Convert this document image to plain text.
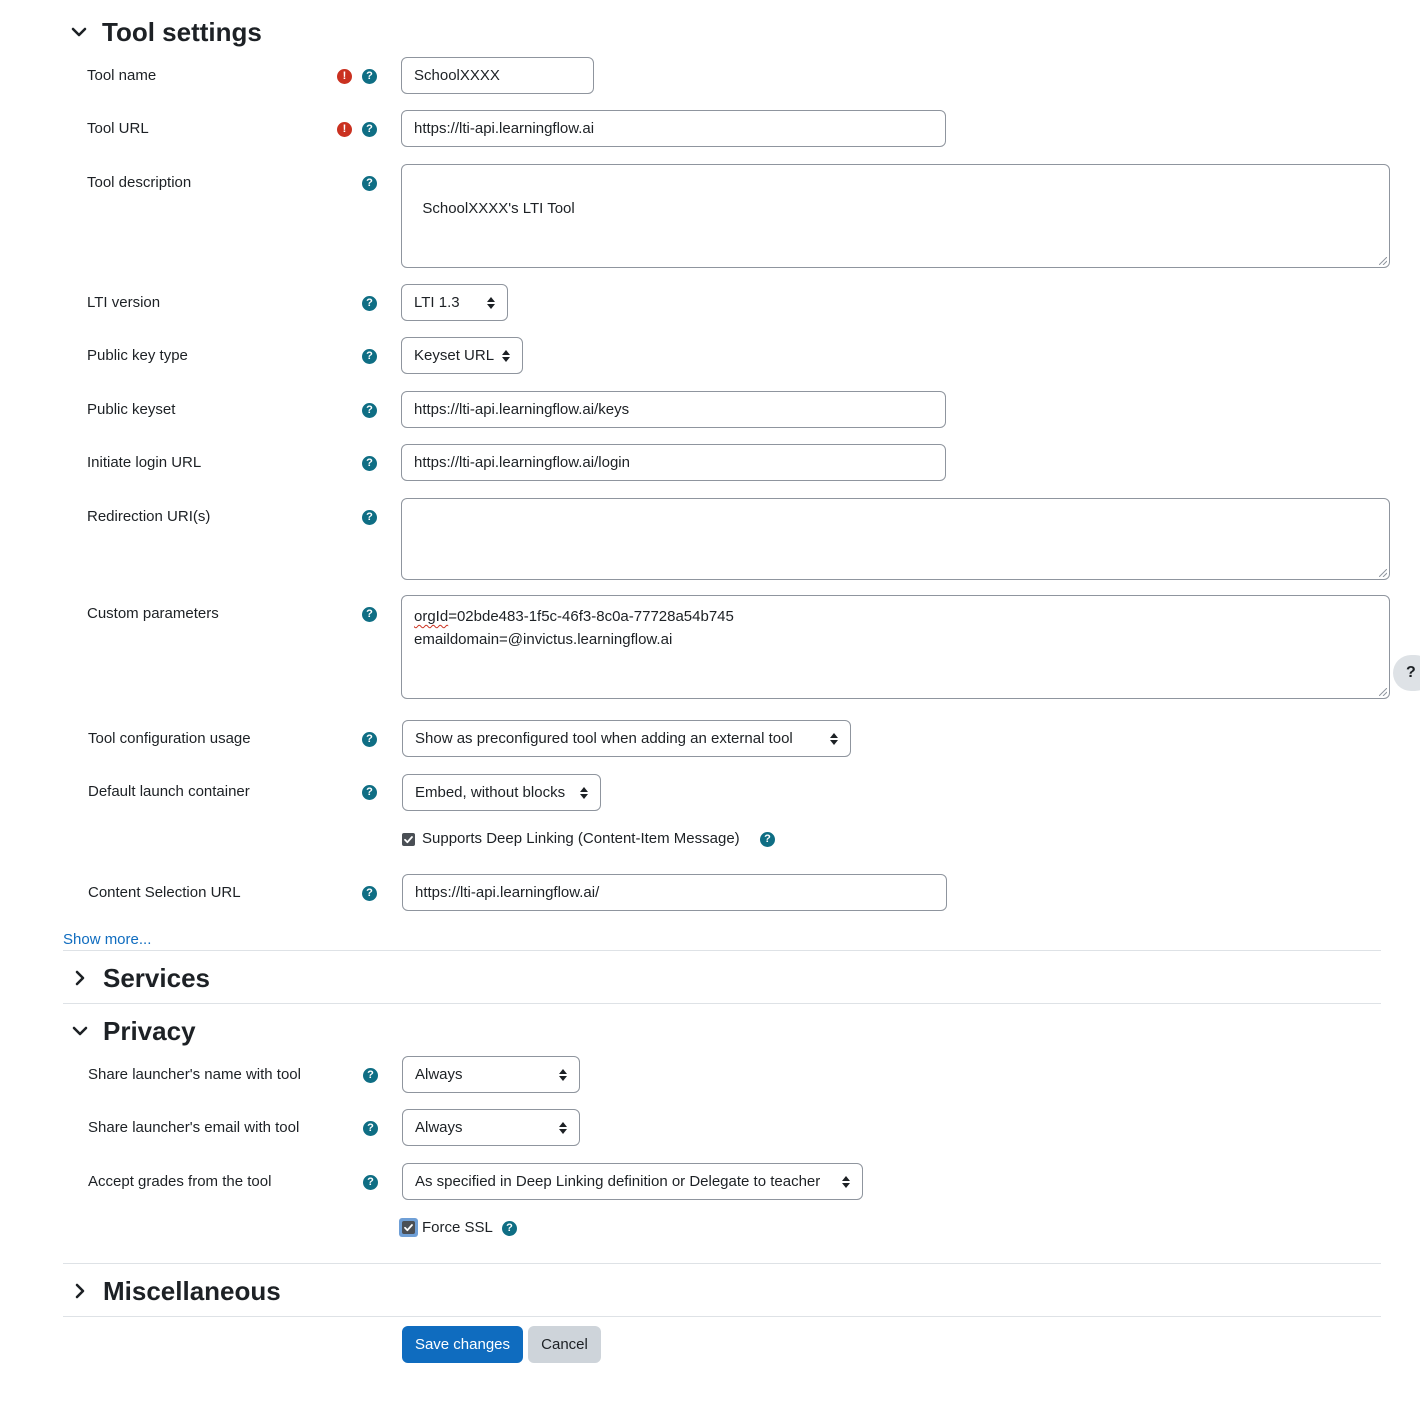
Tool settings
Tool name	!	?	SchoolXXXX
Tool URL	!	?	https://lti-api.learningflow.ai
Tool description	?

SchoolXXXX's LTI Tool

LTI version	?	LTI 1.3
Public key type	?	Keyset URL
Public keyset	?	https://lti-api.learningflow.ai/keys
Initiate login URL	?	https://lti-api.learningflow.ai/login
Redirection URI(s)	?

Custom parameters	?	orgId=02bde483-1f5c-46f3-8c0a-77728a54b745
emaildomain=@invictus.learningflow.ai
?
Tool configuration usage	?	Show as preconfigured tool when adding an external tool
Default launch container	?	Embed, without blocks
Supports Deep Linking (Content-Item Message)	?
Content Selection URL	?	https://lti-api.learningflow.ai/
Show more...
Services
Privacy
Share launcher's name with tool	?	Always
Share launcher's email with tool	?	Always
Accept grades from the tool	?	As specified in Deep Linking definition or Delegate to teacher
Force SSL	?
Miscellaneous
Save changes	Cancel
